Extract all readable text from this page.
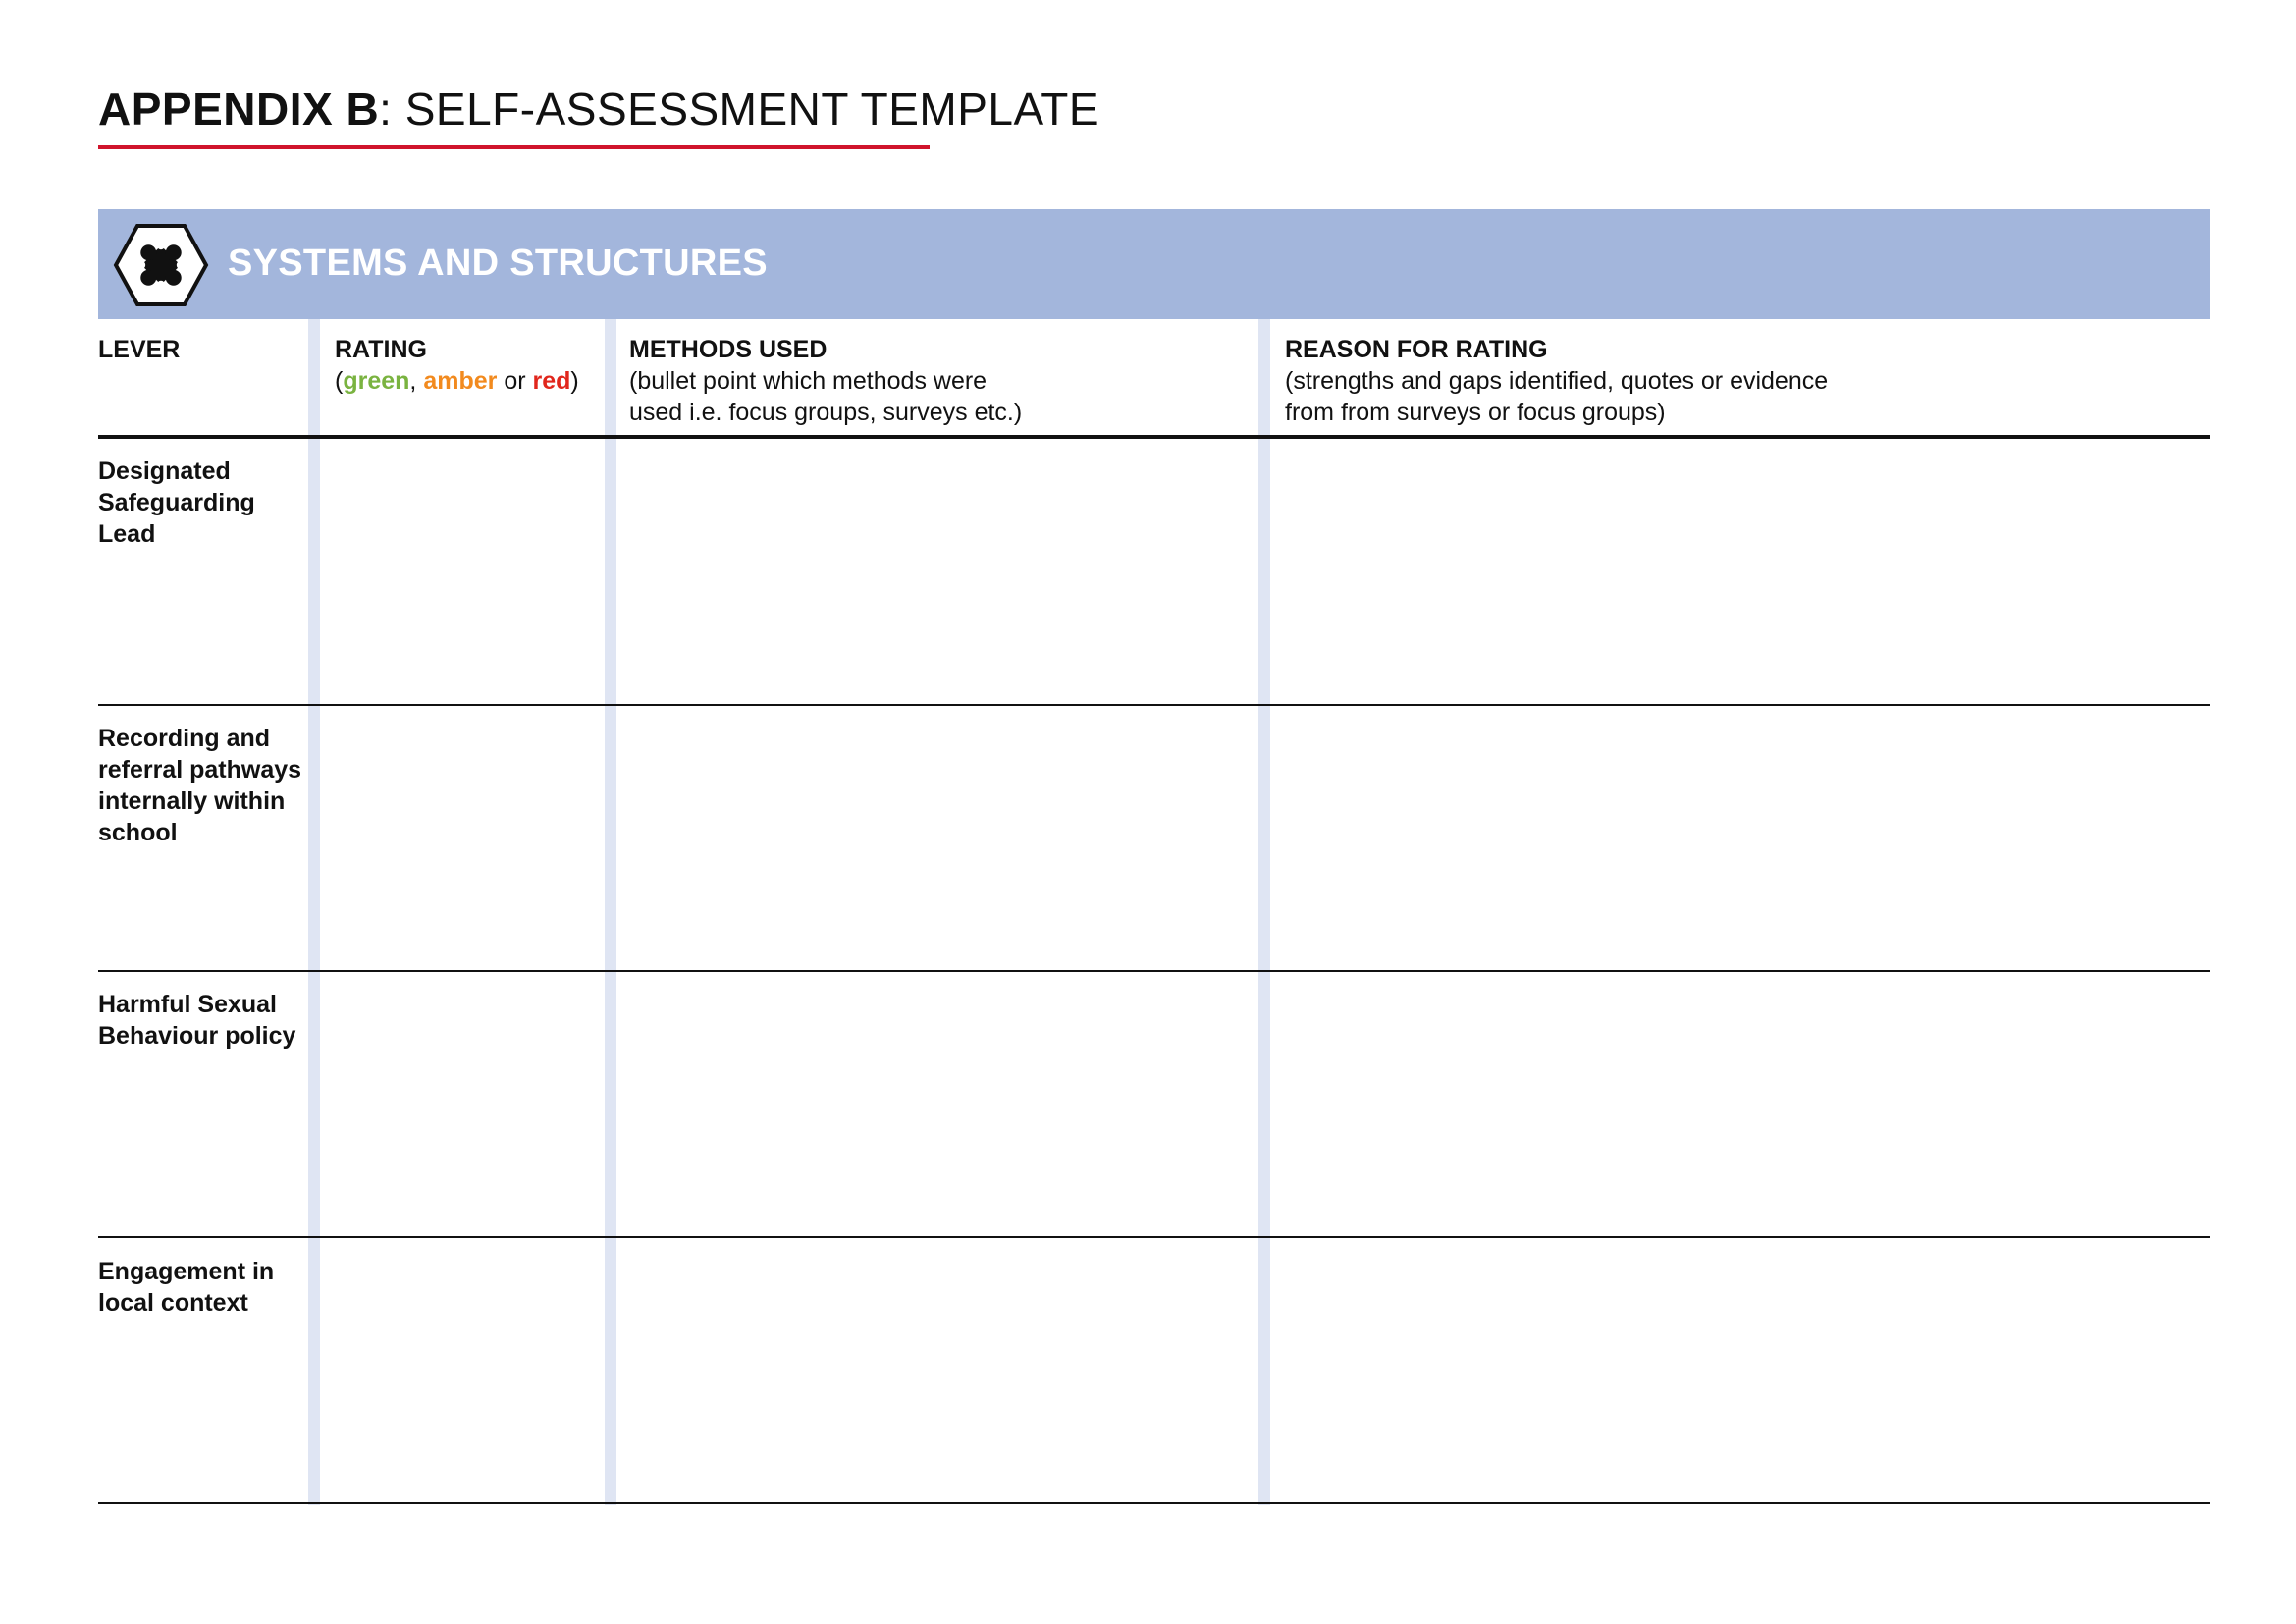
APPENDIX B: SELF-ASSESSMENT TEMPLATE
SYSTEMS AND STRUCTURES
LEVER	RATING
(green, amber or red)
METHODS USED
(bullet point which methods were
used i.e. focus groups, surveys etc.)
REASON FOR RATING
(strengths and gaps identified, quotes or evidence
from from surveys or focus groups)
Designated Safeguarding Lead
Recording and referral pathways internally within school
Harmful Sexual Behaviour policy
Engagement in local context
